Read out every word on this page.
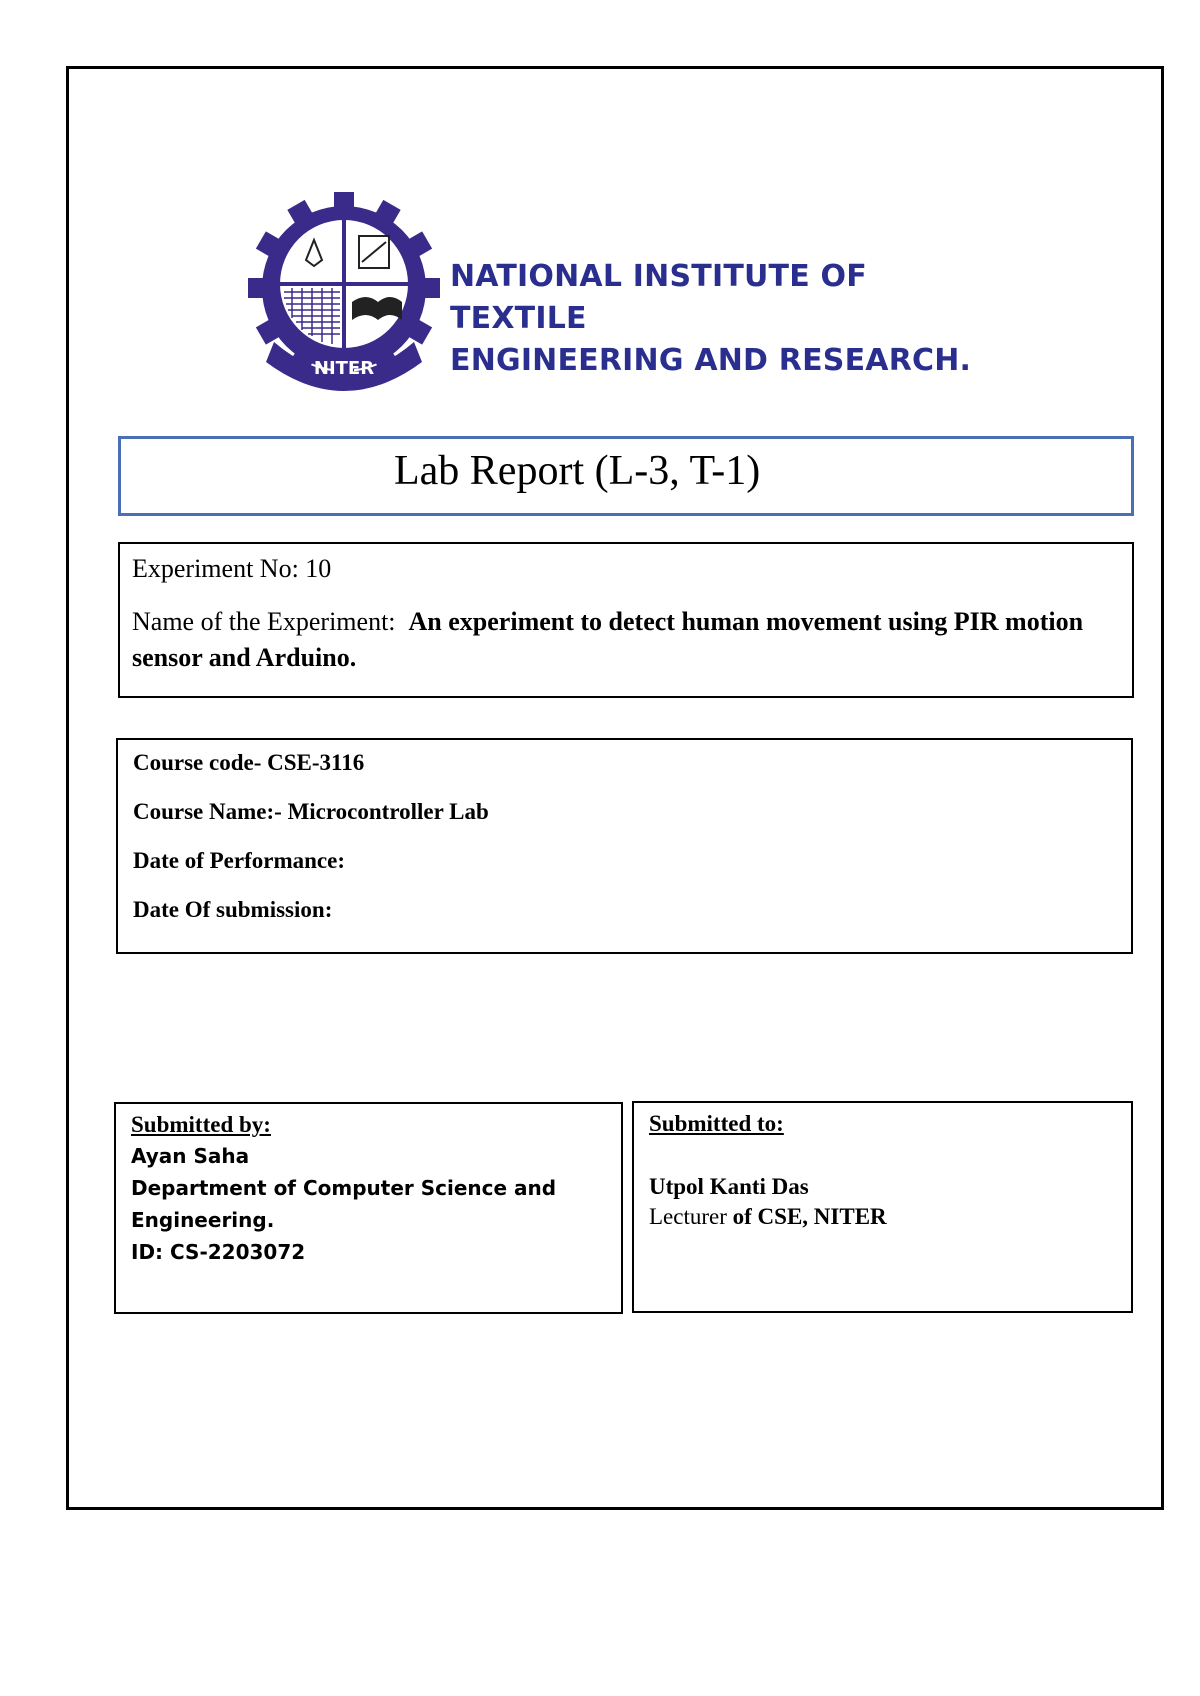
NITER
NATIONAL INSTITUTE OF TEXTILE
ENGINEERING AND RESEARCH.
Lab Report (L-3, T-1)
Experiment No: 10
Name of the Experiment: An experiment to detect human movement using PIR motion sensor and Arduino.
Course code- CSE-3116
Course Name:- Microcontroller Lab
Date of Performance:
Date Of submission:
Submitted by:
Ayan Saha
Department of Computer Science and
Engineering.
ID: CS-2203072
Submitted to:
Utpol Kanti Das
Lecturer of CSE, NITER
